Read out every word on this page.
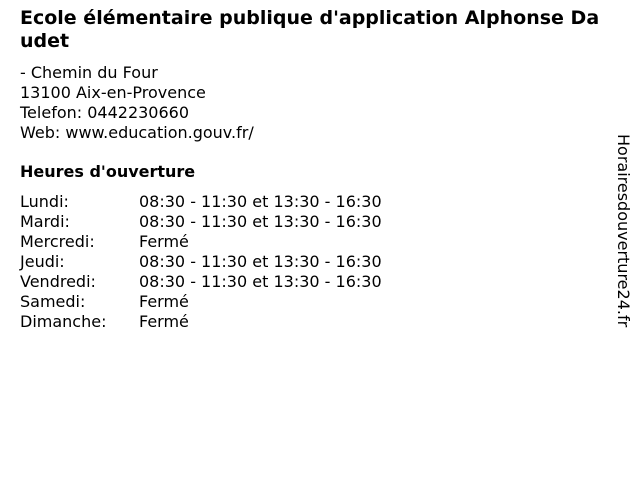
Ecole élémentaire publique d'application Alphonse Daudet
- Chemin du Four
13100 Aix-en-Provence
Telefon: 0442230660
Web: www.education.gouv.fr/
Heures d'ouverture
Lundi:	08:30 - 11:30 et 13:30 - 16:30
Mardi:	08:30 - 11:30 et 13:30 - 16:30
Mercredi:	Fermé
Jeudi:	08:30 - 11:30 et 13:30 - 16:30
Vendredi:	08:30 - 11:30 et 13:30 - 16:30
Samedi:	Fermé
Dimanche:	Fermé	Horairesdouverture24.fr
